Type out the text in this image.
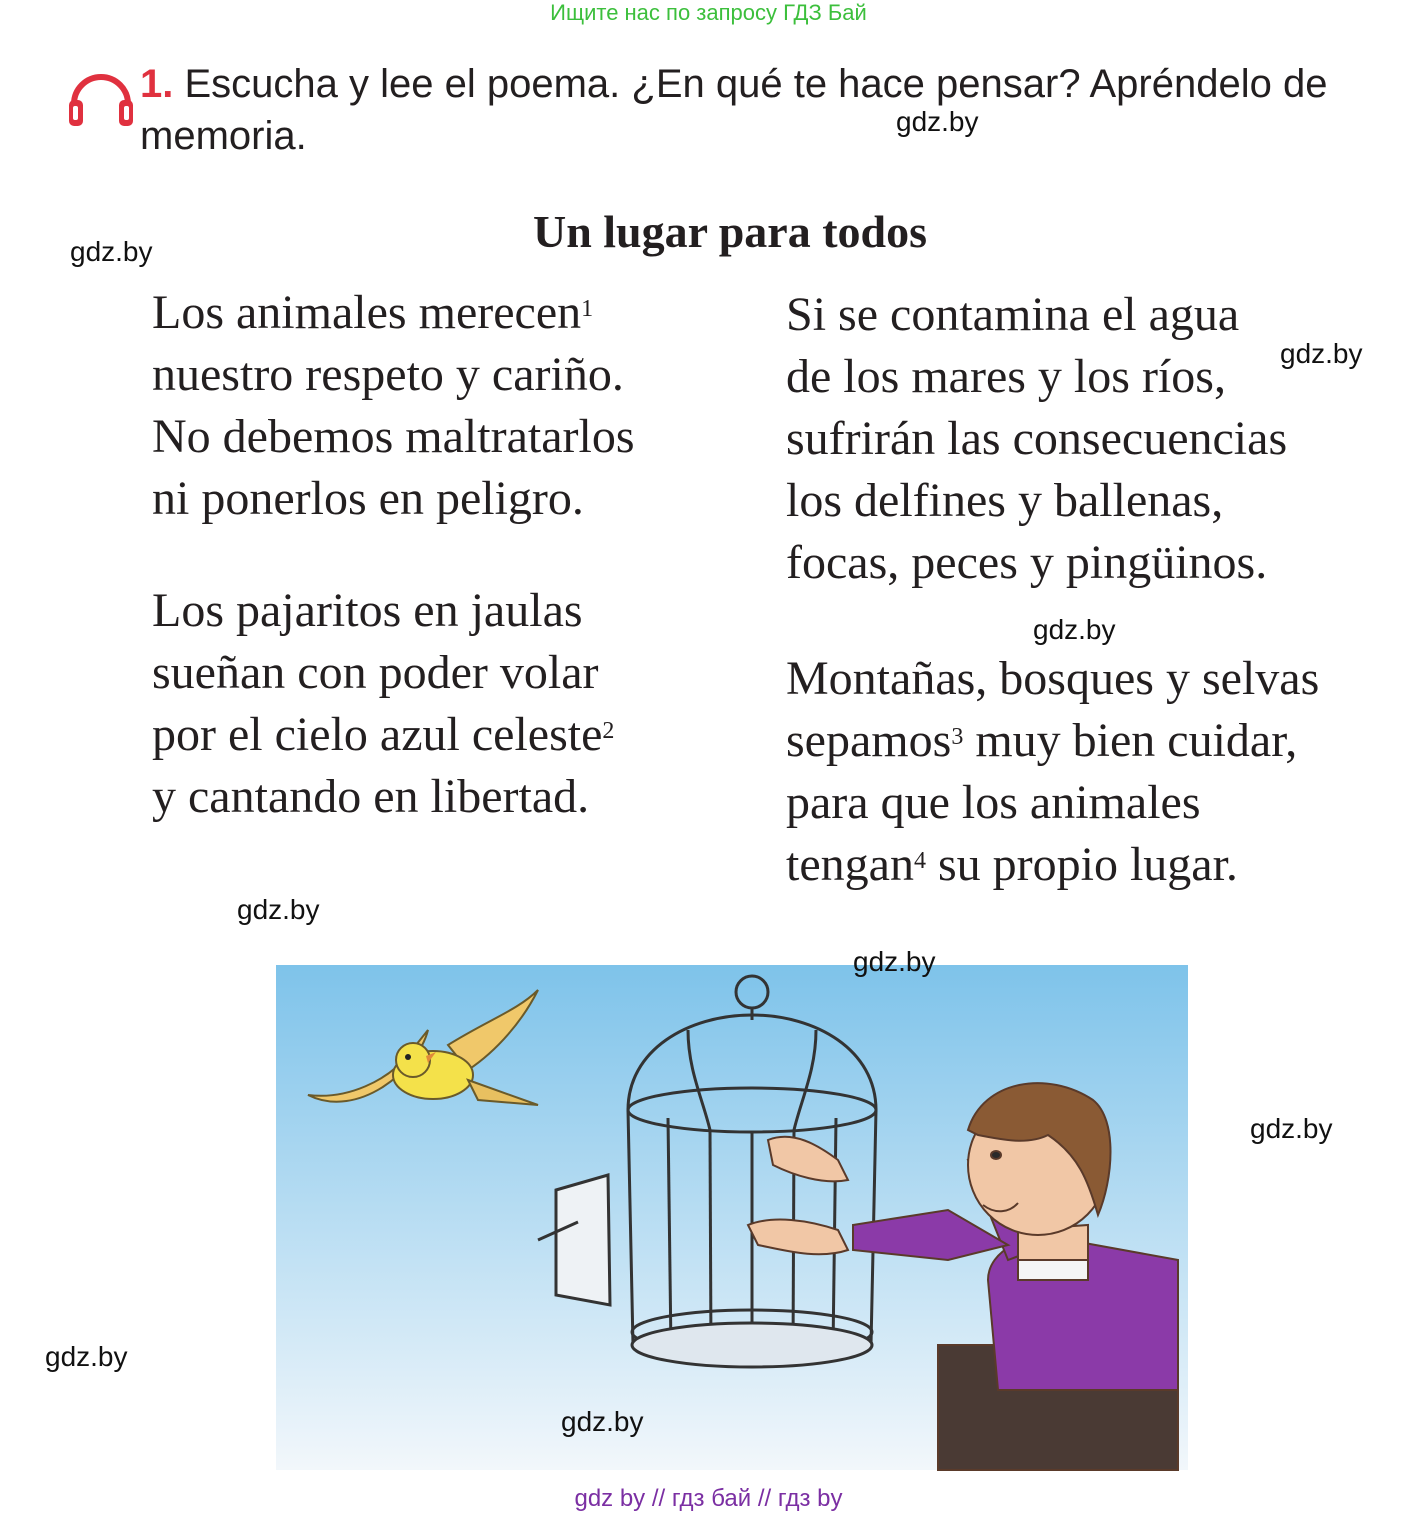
Ищите нас по запросу ГДЗ Бай
1. Escucha y lee el poema. ¿En qué te hace pensar? Apréndelo de memoria.
Un lugar para todos
Los animales merecen$^1$
nuestro respeto y cariño.
No debemos maltratarlos
ni ponerlos en peligro.
Los pajaritos en jaulas
sueñan con poder volar
por el cielo azul celeste$^2$
y cantando en libertad.
Si se contamina el agua
de los mares y los ríos,
sufrirán las consecuencias
los delfines y ballenas,
focas, peces y pingüinos.
Montañas, bosques y selvas
sepamos$^3$ muy bien cuidar,
para que los animales
tengan$^4$ su propio lugar.
gdz.by
gdz.by
gdz.by
gdz.by
gdz.by
gdz.by
gdz.by
gdz.by
gdz.by
gdz by // гдз бай // гдз by
